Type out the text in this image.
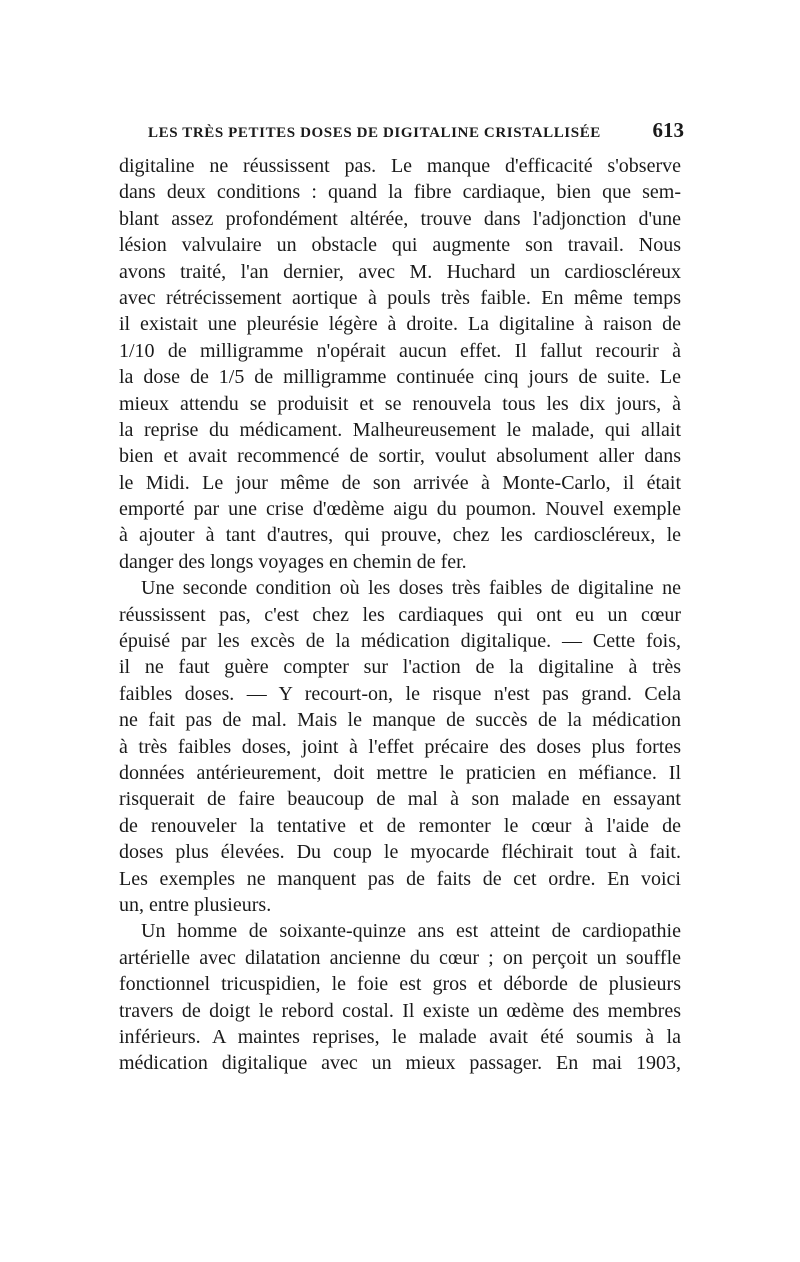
LES TRÈS PETITES DOSES DE DIGITALINE CRISTALLISÉE 613
digitaline ne réussissent pas. Le manque d'efficacité s'observe
dans deux conditions : quand la fibre cardiaque, bien que sem-
blant assez profondément altérée, trouve dans l'adjonction d'une
lésion valvulaire un obstacle qui augmente son travail. Nous
avons traité, l'an dernier, avec M. Huchard un cardioscléreux
avec rétrécissement aortique à pouls très faible. En même temps
il existait une pleurésie légère à droite. La digitaline à raison de
1/10 de milligramme n'opérait aucun effet. Il fallut recourir à
la dose de 1/5 de milligramme continuée cinq jours de suite. Le
mieux attendu se produisit et se renouvela tous les dix jours, à
la reprise du médicament. Malheureusement le malade, qui allait
bien et avait recommencé de sortir, voulut absolument aller dans
le Midi. Le jour même de son arrivée à Monte-Carlo, il était
emporté par une crise d'œdème aigu du poumon. Nouvel exemple
à ajouter à tant d'autres, qui prouve, chez les cardioscléreux, le
danger des longs voyages en chemin de fer.
Une seconde condition où les doses très faibles de digitaline ne
réussissent pas, c'est chez les cardiaques qui ont eu un cœur
épuisé par les excès de la médication digitalique. — Cette fois,
il ne faut guère compter sur l'action de la digitaline à très
faibles doses. — Y recourt-on, le risque n'est pas grand. Cela
ne fait pas de mal. Mais le manque de succès de la médication
à très faibles doses, joint à l'effet précaire des doses plus fortes
données antérieurement, doit mettre le praticien en méfiance. Il
risquerait de faire beaucoup de mal à son malade en essayant
de renouveler la tentative et de remonter le cœur à l'aide de
doses plus élevées. Du coup le myocarde fléchirait tout à fait.
Les exemples ne manquent pas de faits de cet ordre. En voici
un, entre plusieurs.
Un homme de soixante-quinze ans est atteint de cardiopathie
artérielle avec dilatation ancienne du cœur ; on perçoit un souffle
fonctionnel tricuspidien, le foie est gros et déborde de plusieurs
travers de doigt le rebord costal. Il existe un œdème des membres
inférieurs. A maintes reprises, le malade avait été soumis à la
médication digitalique avec un mieux passager. En mai 1903,
